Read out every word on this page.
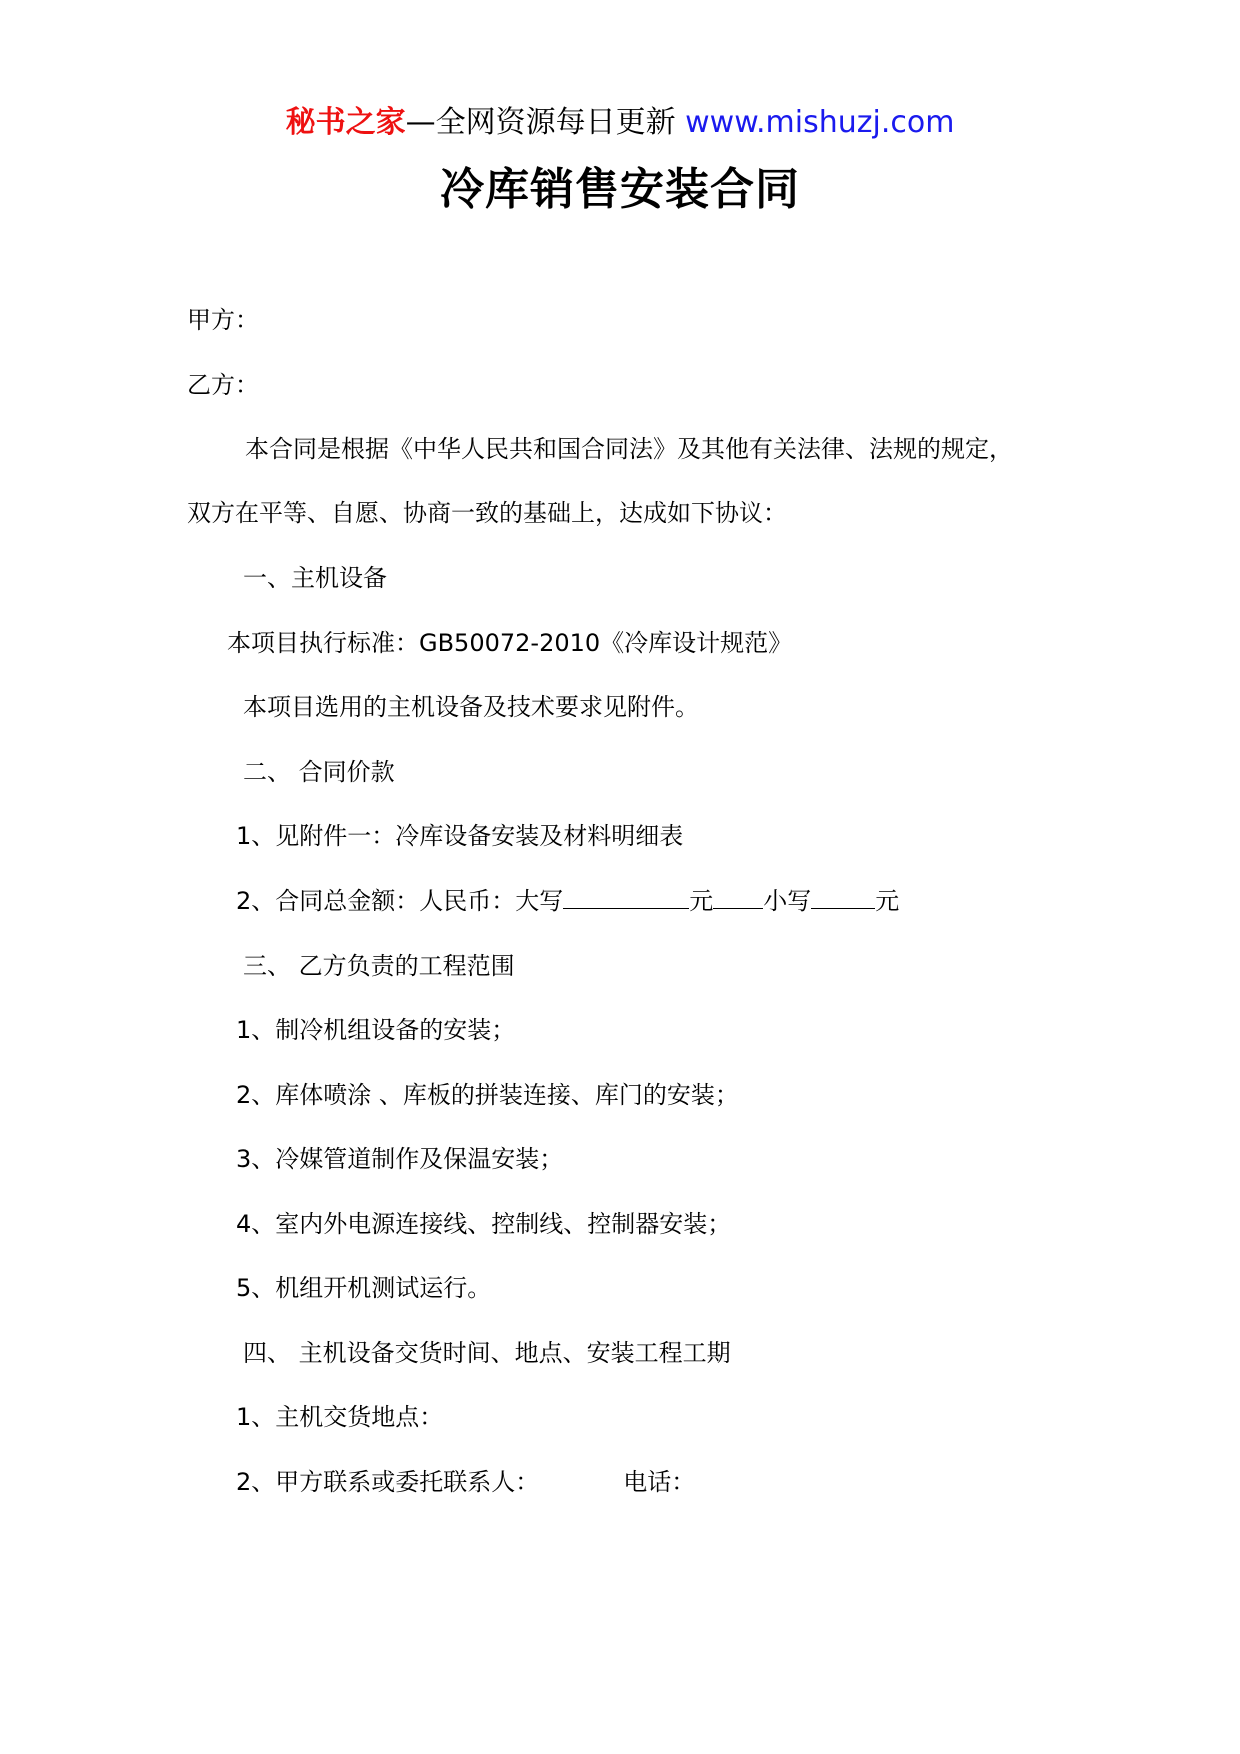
秘书之家—全网资源每日更新 www.mishuzj.com
冷库销售安装合同
甲方：
乙方：
本合同是根据《中华人民共和国合同法》及其他有关法律、法规的规定，
双方在平等、自愿、协商一致的基础上，达成如下协议：
一、主机设备
本项目执行标准：GB50072-2010《冷库设计规范》
本项目选用的主机设备及技术要求见附件。
二、 合同价款
1、见附件一：冷库设备安装及材料明细表
2、合同总金额：人民币：大写	元 小写	元
三、 乙方负责的工程范围
1、制冷机组设备的安装；
2、库体喷涂 、库板的拼装连接、库门的安装；
3、冷媒管道制作及保温安装；
4、室内外电源连接线、控制线、控制器安装；
5、机组开机测试运行。
四、 主机设备交货时间、地点、安装工程工期
1、主机交货地点：
2、甲方联系或委托联系人：	电话：
